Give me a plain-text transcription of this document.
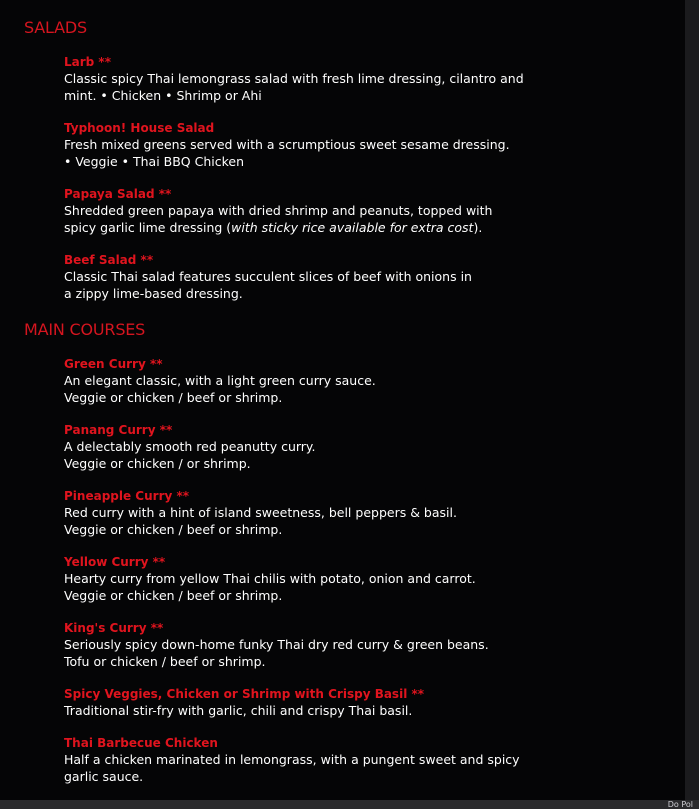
SALADS
Larb **
Classic spicy Thai lemongrass salad with fresh lime dressing, cilantro and
mint. • Chicken • Shrimp or Ahi
Typhoon! House Salad
Fresh mixed greens served with a scrumptious sweet sesame dressing.
• Veggie • Thai BBQ Chicken
Papaya Salad **
Shredded green papaya with dried shrimp and peanuts, topped with
spicy garlic lime dressing (with sticky rice available for extra cost).
Beef Salad **
Classic Thai salad features succulent slices of beef with onions in
a zippy lime-based dressing.
MAIN COURSES
Green Curry **
An elegant classic, with a light green curry sauce.
Veggie or chicken / beef or shrimp.
Panang Curry **
A delectably smooth red peanutty curry.
Veggie or chicken / or shrimp.
Pineapple Curry **
Red curry with a hint of island sweetness, bell peppers & basil.
Veggie or chicken / beef or shrimp.
Yellow Curry **
Hearty curry from yellow Thai chilis with potato, onion and carrot.
Veggie or chicken / beef or shrimp.
King's Curry **
Seriously spicy down-home funky Thai dry red curry & green beans.
Tofu or chicken / beef or shrimp.
Spicy Veggies, Chicken or Shrimp with Crispy Basil **
Traditional stir-fry with garlic, chili and crispy Thai basil.
Thai Barbecue Chicken
Half a chicken marinated in lemongrass, with a pungent sweet and spicy
garlic sauce.
Do Pol
